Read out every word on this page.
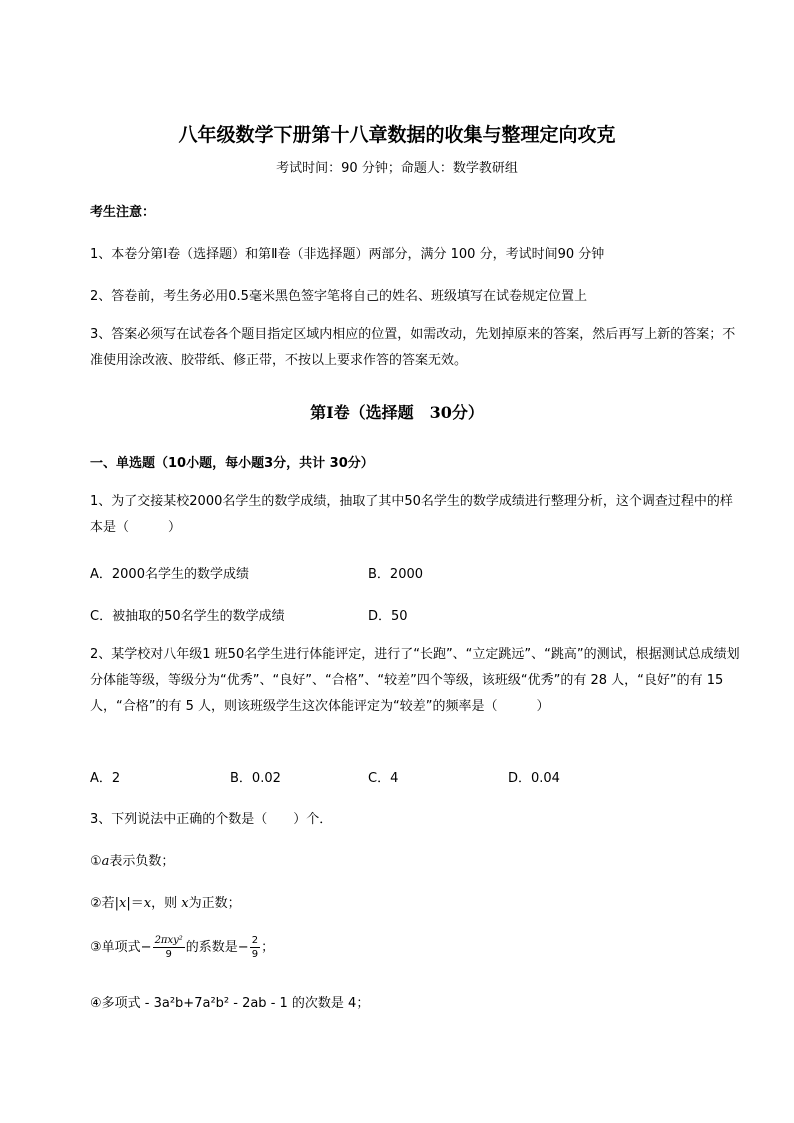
八年级数学下册第十八章数据的收集与整理定向攻克
考试时间：90 分钟；命题人：数学教研组
考生注意：
1、本卷分第Ⅰ卷（选择题）和第Ⅱ卷（非选择题）两部分，满分 100 分，考试时间90 分钟
2、答卷前，考生务必用0.5毫米黑色签字笔将自己的姓名、班级填写在试卷规定位置上
3、答案必须写在试卷各个题目指定区域内相应的位置，如需改动，先划掉原来的答案，然后再写上新的答案；不准使用涂改液、胶带纸、修正带，不按以上要求作答的答案无效。
第Ⅰ卷（选择题　30分）
一、单选题（10小题，每小题3分，共计 30分）
1、为了交接某校2000名学生的数学成绩，抽取了其中50名学生的数学成绩进行整理分析，这个调查过程中的样本是（　　　）
A．2000名学生的数学成绩	B．2000
C．被抽取的50名学生的数学成绩	D．50
2、某学校对八年级1 班50名学生进行体能评定，进行了“长跑”、“立定跳远”、“跳高”的测试，根据测试总成绩划分体能等级，等级分为“优秀”、“良好”、“合格”、“较差”四个等级，该班级“优秀”的有 28 人，“良好”的有 15 人，“合格”的有 5 人，则该班级学生这次体能评定为“较差”的频率是（　　　）
A．2	B．0.02	C．4	D．0.04
3、下列说法中正确的个数是（　　）个．
①a表示负数；
②若|x|＝x，则 x为正数；
③单项式− $\frac{\text{2πxy²}}{9}$ 的系数是− $\frac{2}{9}$ ；
④多项式 - 3a²b+7a²b² - 2ab - 1 的次数是 4；
